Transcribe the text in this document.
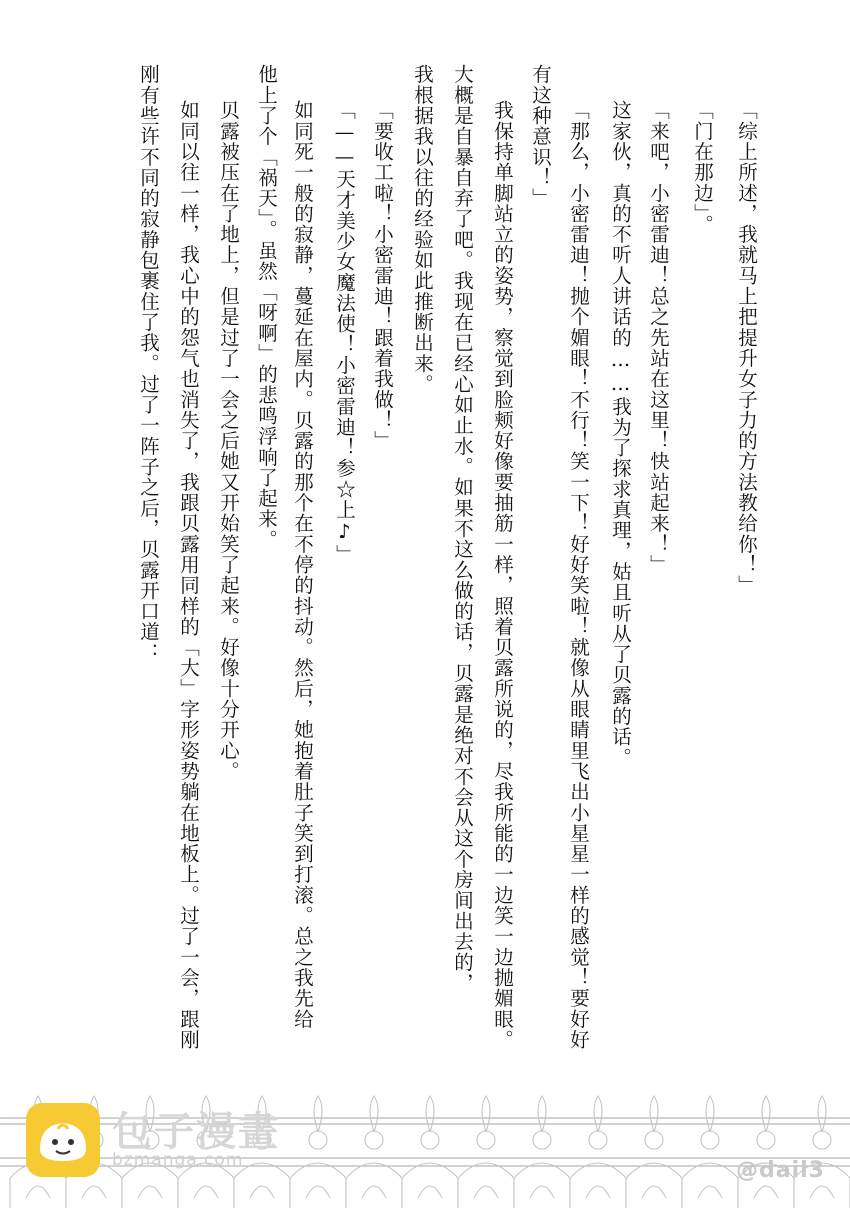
「综上所述，我就马上把提升女子力的方法教给你！」
「门在那边」。
「来吧，小密雷迪！总之先站在这里！快站起来！」
这家伙，真的不听人讲话的……我为了探求真理，姑且听从了贝露的话。
「那么，小密雷迪！抛个媚眼！不行！笑一下！好好笑啦！就像从眼睛里飞出小星星一样的感觉！要好好
有这种意识！」
我保持单脚站立的姿势，察觉到脸颊好像要抽筋一样，照着贝露所说的，尽我所能的一边笑一边抛媚眼。
大概是自暴自弃了吧。我现在已经心如止水。如果不这么做的话，贝露是绝对不会从这个房间出去的，
我根据我以往的经验如此推断出来。
「要收工啦！小密雷迪！跟着我做！」
「——天才美少女魔法使！小密雷迪！参☆上♪」
如同死一般的寂静，蔓延在屋内。贝露的那个在不停的抖动。然后，她抱着肚子笑到打滚。总之我先给
他上了个「祸天」。虽然「呀啊」的悲鸣浮响了起来。
贝露被压在了地上，但是过了一会之后她又开始笑了起来。好像十分开心。
如同以往一样，我心中的怨气也消失了，我跟贝露用同样的「大」字形姿势躺在地板上。过了一会，跟刚
刚有些许不同的寂静包裹住了我。过了一阵子之后，贝露开口道：
包子漫畫
bzmanga.com	@dail3
